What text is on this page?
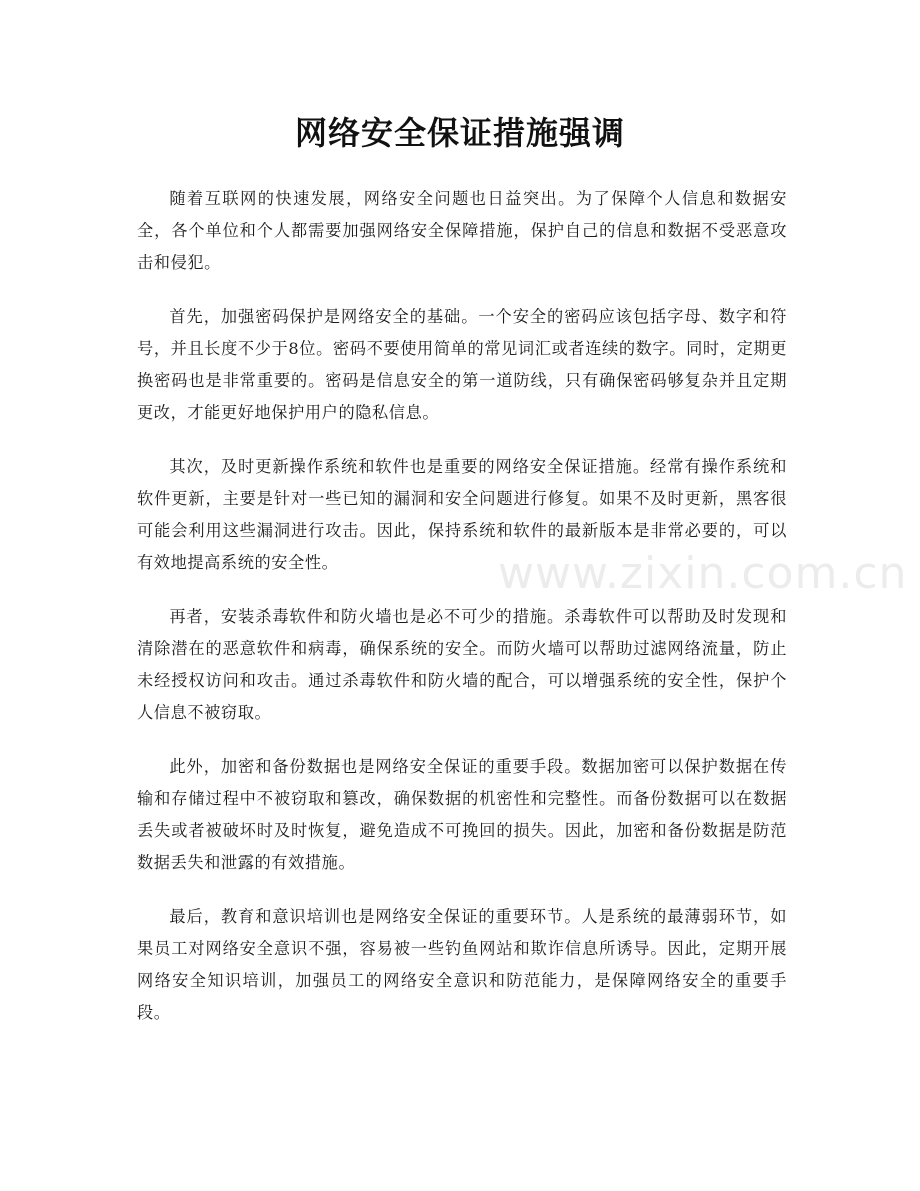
网络安全保证措施强调

随着互联网的快速发展，网络安全问题也日益突出。为了保障个人信息和数据安全，各个单位和个人都需要加强网络安全保障措施，保护自己的信息和数据不受恶意攻击和侵犯。

首先，加强密码保护是网络安全的基础。一个安全的密码应该包括字母、数字和符号，并且长度不少于8位。密码不要使用简单的常见词汇或者连续的数字。同时，定期更换密码也是非常重要的。密码是信息安全的第一道防线，只有确保密码够复杂并且定期更改，才能更好地保护用户的隐私信息。

其次，及时更新操作系统和软件也是重要的网络安全保证措施。经常有操作系统和软件更新，主要是针对一些已知的漏洞和安全问题进行修复。如果不及时更新，黑客很可能会利用这些漏洞进行攻击。因此，保持系统和软件的最新版本是非常必要的，可以有效地提高系统的安全性。

再者，安装杀毒软件和防火墙也是必不可少的措施。杀毒软件可以帮助及时发现和清除潜在的恶意软件和病毒，确保系统的安全。而防火墙可以帮助过滤网络流量，防止未经授权访问和攻击。通过杀毒软件和防火墙的配合，可以增强系统的安全性，保护个人信息不被窃取。

此外，加密和备份数据也是网络安全保证的重要手段。数据加密可以保护数据在传输和存储过程中不被窃取和篡改，确保数据的机密性和完整性。而备份数据可以在数据丢失或者被破坏时及时恢复，避免造成不可挽回的损失。因此，加密和备份数据是防范数据丢失和泄露的有效措施。

最后，教育和意识培训也是网络安全保证的重要环节。人是系统的最薄弱环节，如果员工对网络安全意识不强，容易被一些钓鱼网站和欺诈信息所诱导。因此，定期开展网络安全知识培训，加强员工的网络安全意识和防范能力，是保障网络安全的重要手段。

www.zixin.com.cn
